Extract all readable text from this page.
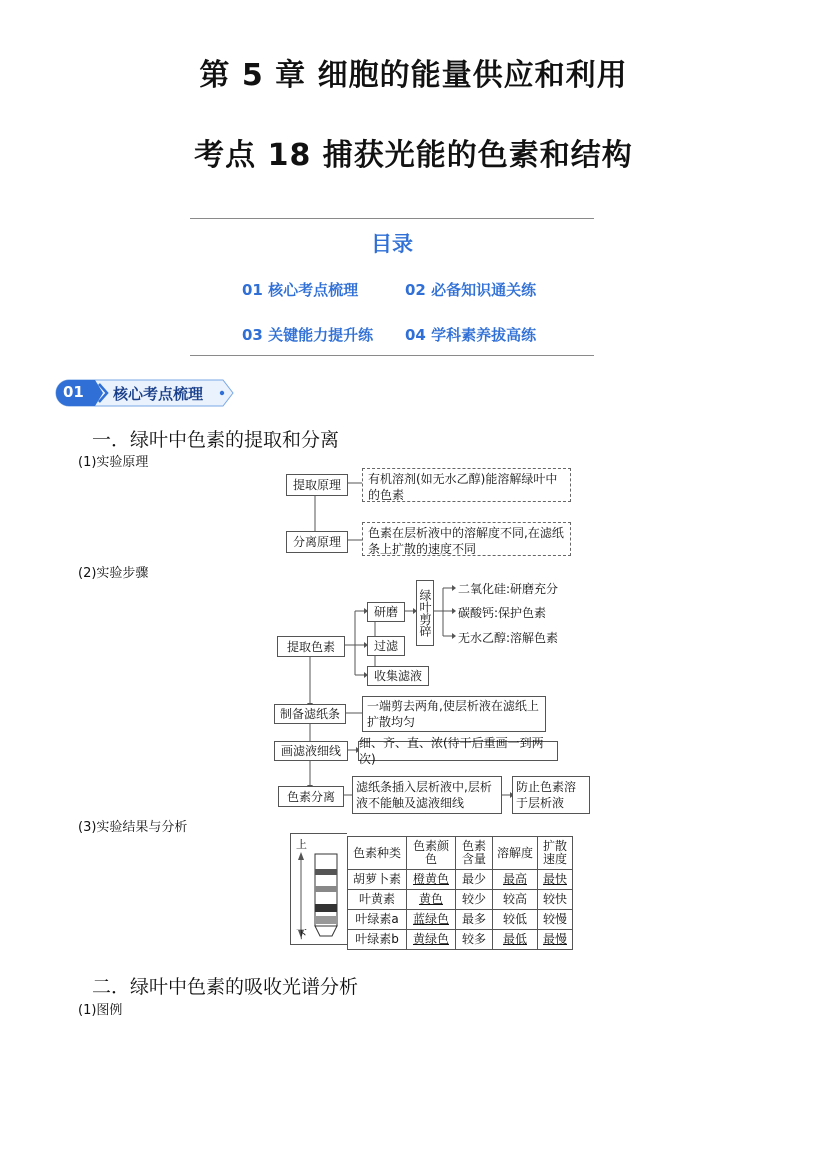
第 5 章 细胞的能量供应和利用
考点 18 捕获光能的色素和结构
目录
01 核心考点梳理	02 必备知识通关练
03 关键能力提升练 04 学科素养拔高练
01 核心考点梳理
一．绿叶中色素的提取和分离
(1)实验原理
提取原理	有机溶剂(如无水乙醇)能溶解绿叶中的色素
分离原理
色素在层析液中的溶解度不同,在滤纸条上扩散的速度不同
(2)实验步骤
提取色素
研磨
过滤
收集滤液
绿叶剪碎 二氧化硅:研磨充分
碳酸钙:保护色素
无水乙醇:溶解色素
制备滤纸条
一端剪去两角,使层析液在滤纸上扩散均匀
画滤液细线
细、齐、直、浓(待干后重画一到两次)
色素分离
滤纸条插入层析液中,层析液不能触及滤液细线
防止色素溶于层析液
(3)实验结果与分析
上
下
色素种类	色素颜色	色素含量	溶解度	扩散速度
胡萝卜素	橙黄色	最少	最高	最快
叶黄素	黄色	较少	较高	较快
叶绿素a	蓝绿色	最多	较低	较慢
叶绿素b	黄绿色	较多	最低	最慢
二．绿叶中色素的吸收光谱分析
(1)图例
